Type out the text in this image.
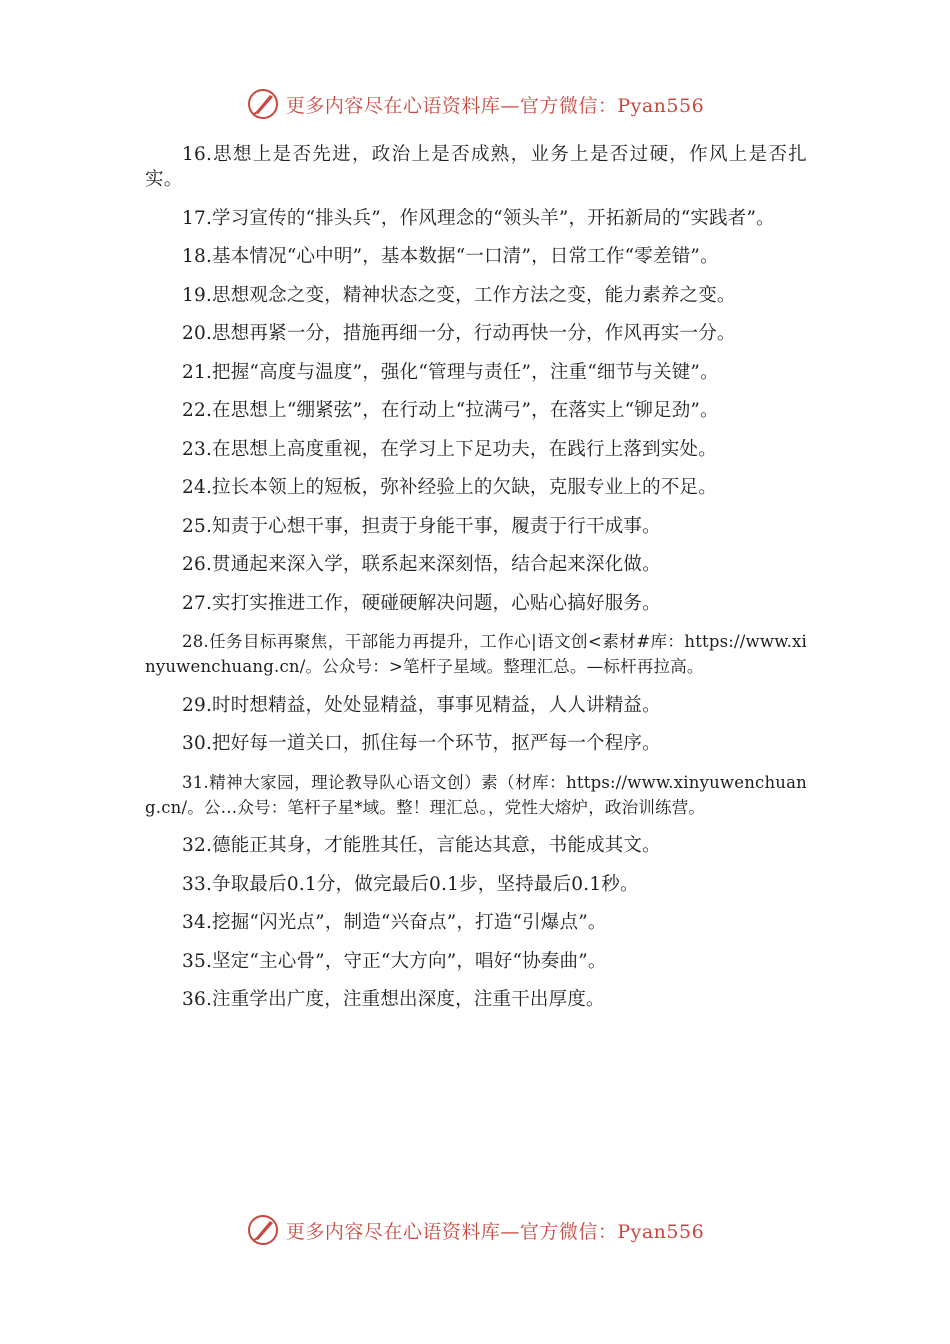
更多内容尽在心语资料库—官方微信：Pyan556

16.思想上是否先进，政治上是否成熟，业务上是否过硬，作风上是否扎实。

17.学习宣传的“排头兵”，作风理念的“领头羊”，开拓新局的“实践者”。

18.基本情况“心中明”，基本数据“一口清”，日常工作“零差错”。

19.思想观念之变，精神状态之变，工作方法之变，能力素养之变。

20.思想再紧一分，措施再细一分，行动再快一分，作风再实一分。

21.把握“高度与温度”，强化“管理与责任”，注重“细节与关键”。

22.在思想上“绷紧弦”，在行动上“拉满弓”，在落实上“铆足劲”。

23.在思想上高度重视，在学习上下足功夫，在践行上落到实处。

24.拉长本领上的短板，弥补经验上的欠缺，克服专业上的不足。

25.知责于心想干事，担责于身能干事，履责于行干成事。

26.贯通起来深入学，联系起来深刻悟，结合起来深化做。

27.实打实推进工作，硬碰硬解决问题，心贴心搞好服务。

28.任务目标再聚焦，干部能力再提升，工作心|语文创<素材#库：https://www.xinyuwenchuang.cn/。公众号：>笔杆子星域。整理汇总。—标杆再拉高。

29.时时想精益，处处显精益，事事见精益，人人讲精益。

30.把好每一道关口，抓住每一个环节，抠严每一个程序。

31.精神大家园，理论教导队心语文创）素（材库：https://www.xinyuwenchuang.cn/。公…众号：笔杆子星*域。整！理汇总。，党性大熔炉，政治训练营。

32.德能正其身，才能胜其任，言能达其意，书能成其文。

33.争取最后0.1分，做完最后0.1步，坚持最后0.1秒。

34.挖掘“闪光点”，制造“兴奋点”，打造“引爆点”。

35.坚定“主心骨”，守正“大方向”，唱好“协奏曲”。

36.注重学出广度，注重想出深度，注重干出厚度。

更多内容尽在心语资料库—官方微信：Pyan556
